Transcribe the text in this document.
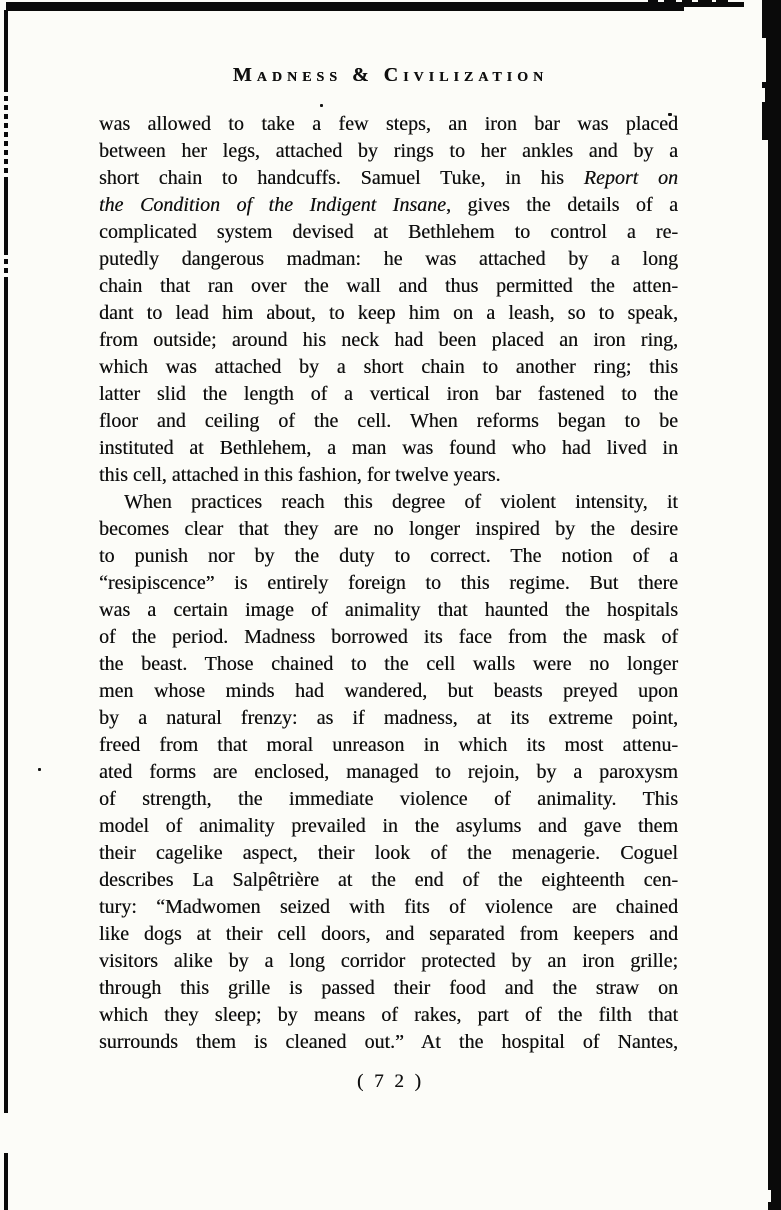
Madness & Civilization
was allowed to take a few steps, an iron bar was placed
between her legs, attached by rings to her ankles and by a
short chain to handcuffs. Samuel Tuke, in his Report on
the Condition of the Indigent Insane, gives the details of a
complicated system devised at Bethlehem to control a re-
putedly dangerous madman: he was attached by a long
chain that ran over the wall and thus permitted the atten-
dant to lead him about, to keep him on a leash, so to speak,
from outside; around his neck had been placed an iron ring,
which was attached by a short chain to another ring; this
latter slid the length of a vertical iron bar fastened to the
floor and ceiling of the cell. When reforms began to be
instituted at Bethlehem, a man was found who had lived in
this cell, attached in this fashion, for twelve years.
When practices reach this degree of violent intensity, it
becomes clear that they are no longer inspired by the desire
to punish nor by the duty to correct. The notion of a
“resipiscence” is entirely foreign to this regime. But there
was a certain image of animality that haunted the hospitals
of the period. Madness borrowed its face from the mask of
the beast. Those chained to the cell walls were no longer
men whose minds had wandered, but beasts preyed upon
by a natural frenzy: as if madness, at its extreme point,
freed from that moral unreason in which its most attenu-
ated forms are enclosed, managed to rejoin, by a paroxysm
of strength, the immediate violence of animality. This
model of animality prevailed in the asylums and gave them
their cagelike aspect, their look of the menagerie. Coguel
describes La Salpêtrière at the end of the eighteenth cen-
tury: “Madwomen seized with fits of violence are chained
like dogs at their cell doors, and separated from keepers and
visitors alike by a long corridor protected by an iron grille;
through this grille is passed their food and the straw on
which they sleep; by means of rakes, part of the filth that
surrounds them is cleaned out.” At the hospital of Nantes,
( 7 2 )
